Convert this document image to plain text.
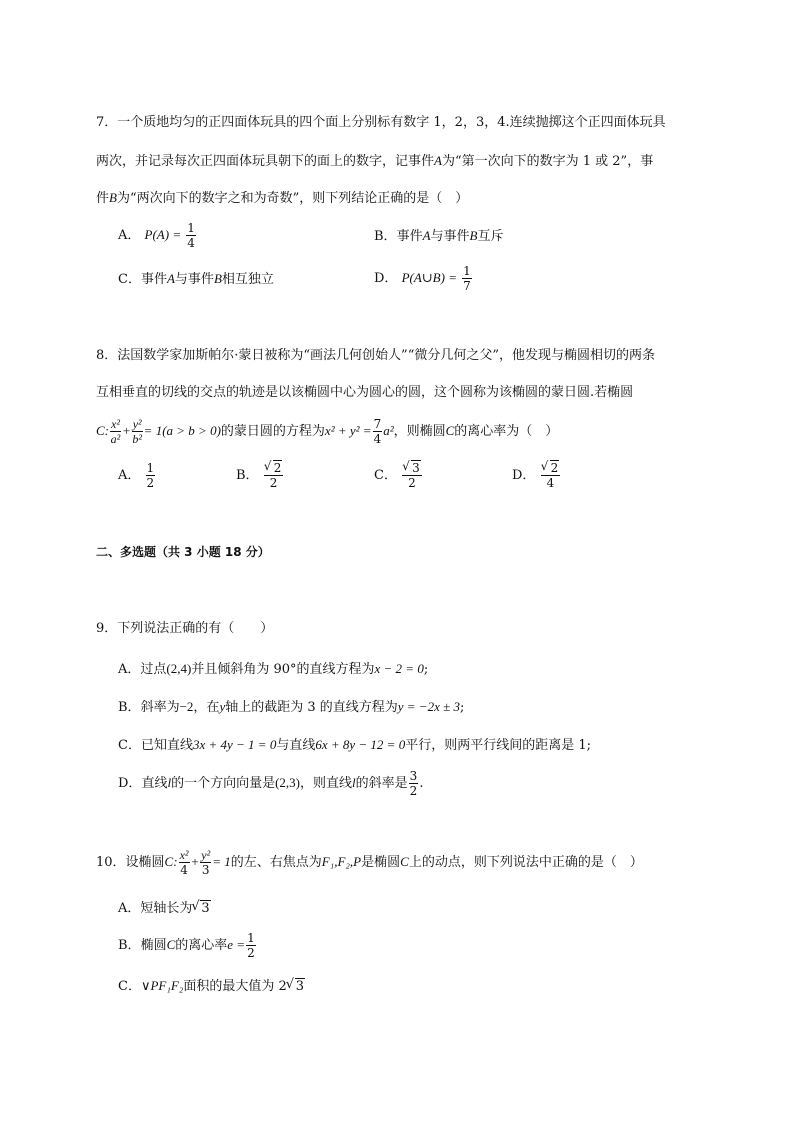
7．一个质地均匀的正四面体玩具的四个面上分别标有数字 1，2，3，4.连续抛掷这个正四面体玩具
两次，并记录每次正四面体玩具朝下的面上的数字，记事件A为“第一次向下的数字为 1 或 2”，事
件B为“两次向下的数字之和为奇数”，则下列结论正确的是（　）
A． $P(A) = \frac{1}{4}$	B．事件A与事件B互斥
C．事件A与事件B相互独立	D． P(A∪B) = $\frac{1}{7}$
8．法国数学家加斯帕尔·蒙日被称为“画法几何创始人”“微分几何之父”，他发现与椭圆相切的两条
互相垂直的切线的交点的轨迹是以该椭圆中心为圆心的圆，这个圆称为该椭圆的蒙日圆.若椭圆
C: $\frac{\text{x²}}{\text{a²}} + \frac{\text{y²}}{\text{b²}} = 1(a > b > 0)$的蒙日圆的方程为$x^2 + y^2 = \frac{7}{4} a^2$，则椭圆C的离心率为（　）
A． $\frac{1}{2}$	B． √ $\frac{2}{2}$	C． √ $\frac{3}{2}$	D． √ $\frac{2}{4}$
二、多选题（共 3 小题 18 分）
9．下列说法正确的有（　　）
A．过点(2,4)并且倾斜角为 90°的直线方程为x − 2 = 0;
B．斜率为−2，在y轴上的截距为 3 的直线方程为y = −2x ± 3;
C．已知直线3x + 4y − 1 = 0与直线6x + 8y − 12 = 0平行，则两平行线间的距离是 1;
D．直线l的一个方向向量是(2,3)，则直线l的斜率是 $\frac{3}{2}$ .
10．设椭圆C: $\frac{\text{x²}}{4} + \frac{\text{y²}}{3} = 1$的左、右焦点为F₁,F₂,P是椭圆C上的动点，则下列说法中正确的是（　）
A．短轴长为 √ 3
B．椭圆C的离心率$e = \frac{1}{2}$
C．∨PF₁F₂面积的最大值为 2 √ 3
